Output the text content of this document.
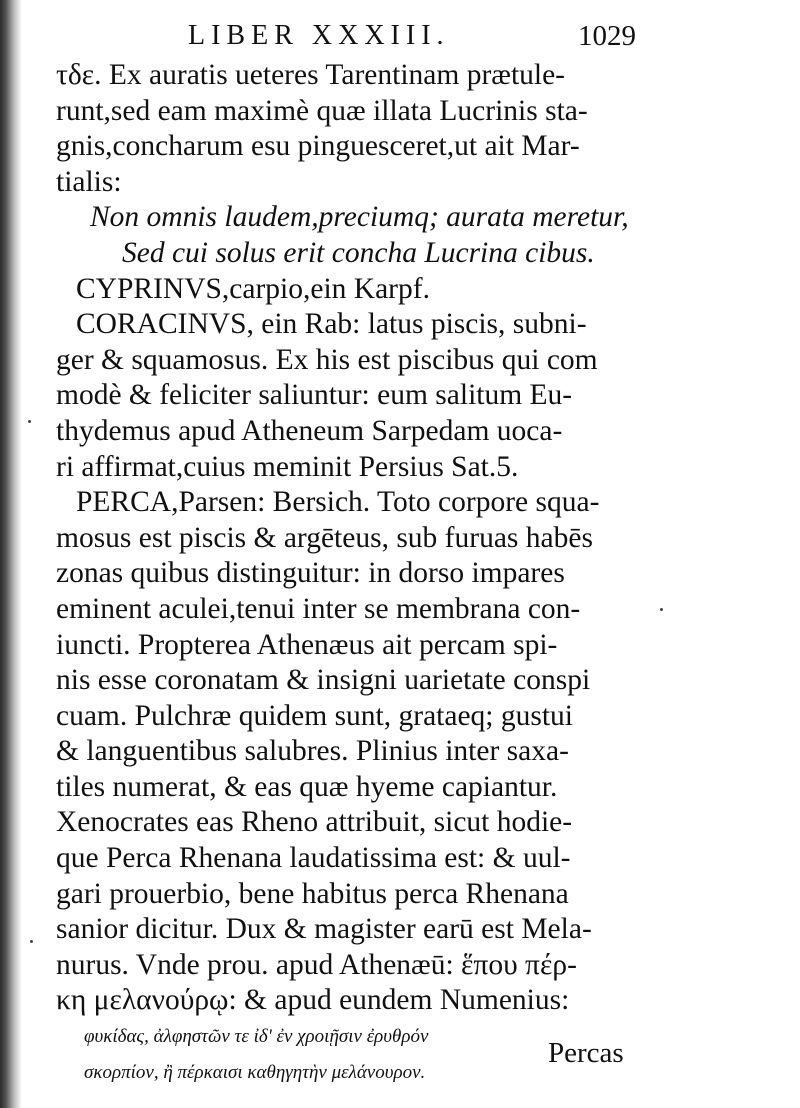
LIBER XXXIII.	1029
τδε. Ex auratis ueteres Tarentinam prætule-
runt,sed eam maximè quæ illata Lucrinis sta-
gnis,concharum esu pinguesceret,ut ait Mar-
tialis:
Non omnis laudem,preciumq; aurata meretur,
Sed cui solus erit concha Lucrina cibus.
CYPRINVS,carpio,ein Karpf.
CORACINVS, ein Rab: latus piscis, subni-
ger & squamosus. Ex his est piscibus qui com
modè & feliciter saliuntur: eum salitum Eu-
thydemus apud Atheneum Sarpedam uoca-
ri affirmat,cuius meminit Persius Sat.5.
PERCA,Parsen: Bersich. Toto corpore squa-
mosus est piscis & argēteus, sub furuas habēs
zonas quibus distinguitur: in dorso impares
eminent aculei,tenui inter se membrana con-
iuncti. Propterea Athenæus ait percam spi-
nis esse coronatam & insigni uarietate conspi
cuam. Pulchræ quidem sunt, grataeq; gustui
& languentibus salubres. Plinius inter saxa-
tiles numerat, & eas quæ hyeme capiantur.
Xenocrates eas Rheno attribuit, sicut hodie-
que Perca Rhenana laudatissima est: & uul-
gari prouerbio, bene habitus perca Rhenana
sanior dicitur. Dux & magister earū est Mela-
nurus. Vnde prou. apud Athenæū: ἕπου πέρ-
κη μελανούρῳ: & apud eundem Numenius:
φυκίδας, ἀλφηστῶν τε ἰδ' ἐν χροιῇσιν ἐρυθρόν
σκορπίον, ἢ πέρκαισι καθηγητὴν μελάνουρον.
Percas
